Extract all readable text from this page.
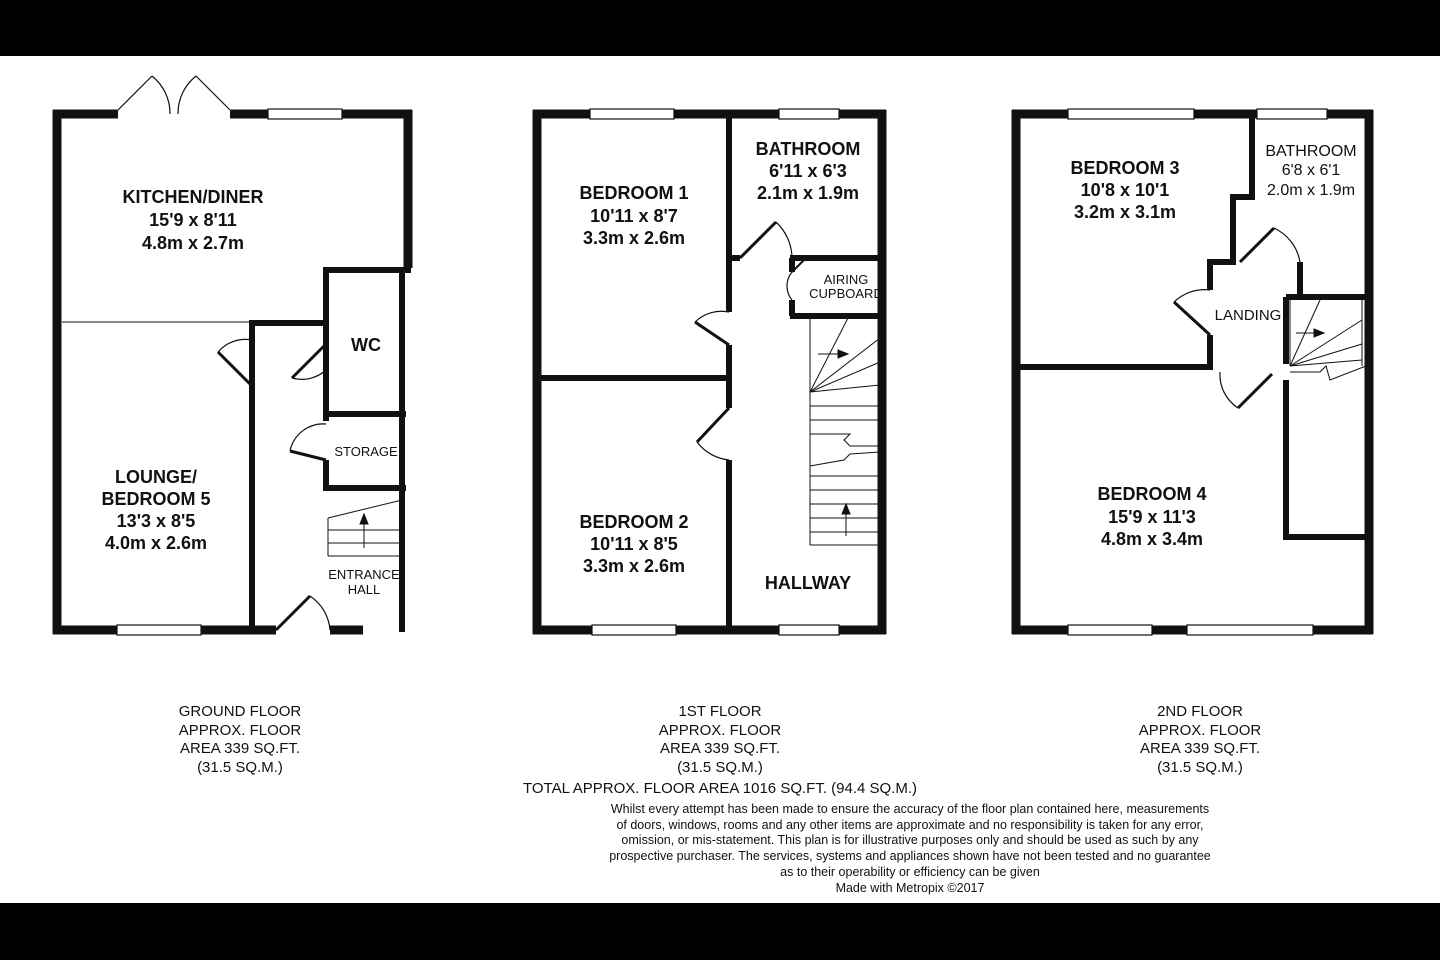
KITCHEN/DINER
15'9 x 8'11
4.8m x 2.7m
LOUNGE/
BEDROOM 5
13'3 x 8'5
4.0m x 2.6m
WC
STORAGE
ENTRANCE
HALL
BEDROOM 1
10'11 x 8'7
3.3m x 2.6m
BATHROOM
6'11 x 6'3
2.1m x 1.9m
AIRING
CUPBOARD
BEDROOM 2
10'11 x 8'5
3.3m x 2.6m
HALLWAY
BEDROOM 3
10'8 x 10'1
3.2m x 3.1m
BATHROOM
6'8 x 6'1
2.0m x 1.9m
LANDING
BEDROOM 4
15'9 x 11'3
4.8m x 3.4m
GROUND FLOOR
APPROX. FLOOR
AREA 339 SQ.FT.
(31.5 SQ.M.)
1ST FLOOR
APPROX. FLOOR
AREA 339 SQ.FT.
(31.5 SQ.M.)
2ND FLOOR
APPROX. FLOOR
AREA 339 SQ.FT.
(31.5 SQ.M.)
TOTAL APPROX. FLOOR AREA 1016 SQ.FT. (94.4 SQ.M.)
Whilst every attempt has been made to ensure the accuracy of the floor plan contained here, measurements
of doors, windows, rooms and any other items are approximate and no responsibility is taken for any error,
omission, or mis-statement. This plan is for illustrative purposes only and should be used as such by any
prospective purchaser. The services, systems and appliances shown have not been tested and no guarantee
as to their operability or efficiency can be given
Made with Metropix ©2017
